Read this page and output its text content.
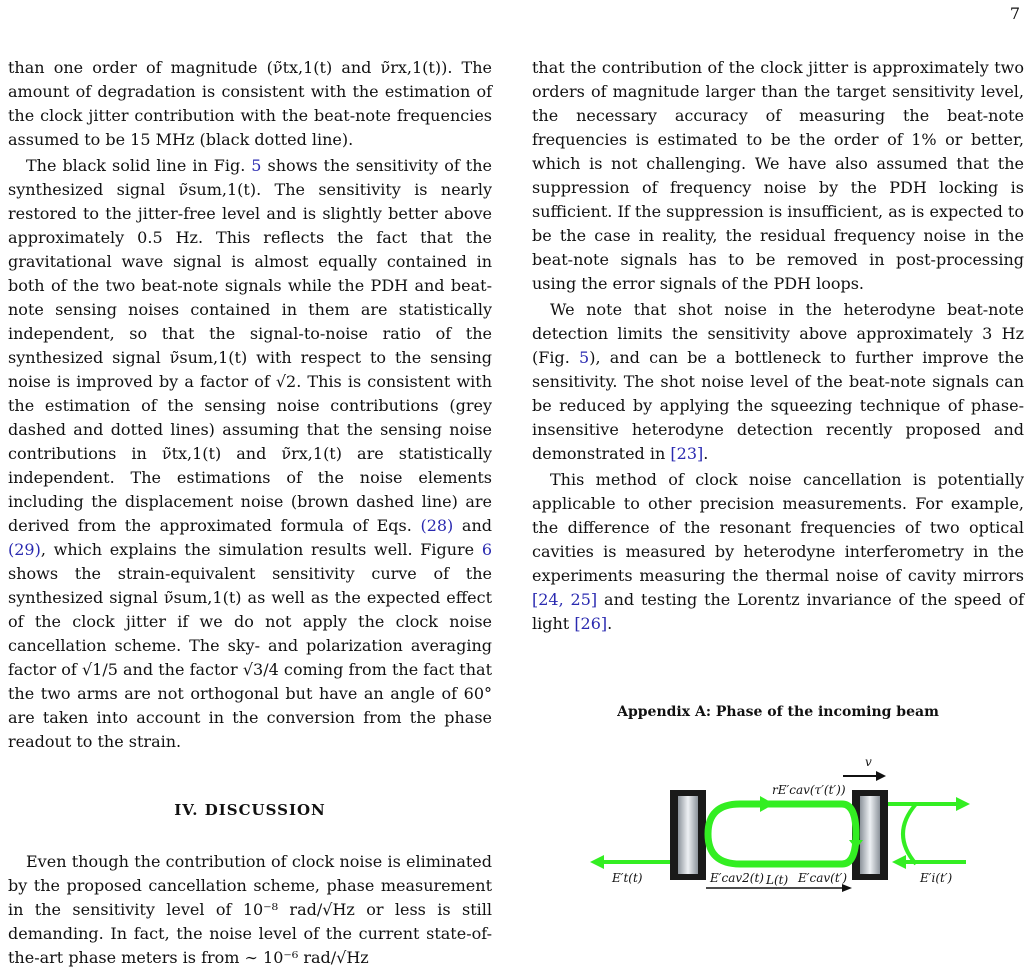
7

than one order of magnitude (ν̃tx,1(t) and ν̃rx,1(t)). The amount of degradation is consistent with the estimation of the clock jitter contribution with the beat-note frequencies assumed to be 15 MHz (black dotted line).

The black solid line in Fig. 5 shows the sensitivity of the synthesized signal ν̃sum,1(t). The sensitivity is nearly restored to the jitter-free level and is slightly better above approximately 0.5 Hz. This reflects the fact that the gravitational wave signal is almost equally contained in both of the two beat-note signals while the PDH and beat-note sensing noises contained in them are statistically independent, so that the signal-to-noise ratio of the synthesized signal ν̃sum,1(t) with respect to the sensing noise is improved by a factor of √2. This is consistent with the estimation of the sensing noise contributions (grey dashed and dotted lines) assuming that the sensing noise contributions in ν̃tx,1(t) and ν̃rx,1(t) are statistically independent. The estimations of the noise elements including the displacement noise (brown dashed line) are derived from the approximated formula of Eqs. (28) and (29), which explains the simulation results well. Figure 6 shows the strain-equivalent sensitivity curve of the synthesized signal ν̃sum,1(t) as well as the expected effect of the clock jitter if we do not apply the clock noise cancellation scheme. The sky- and polarization averaging factor of √1/5 and the factor √3/4 coming from the fact that the two arms are not orthogonal but have an angle of 60° are taken into account in the conversion from the phase readout to the strain.

IV. DISCUSSION

Even though the contribution of clock noise is eliminated by the proposed cancellation scheme, phase measurement in the sensitivity level of 10⁻⁸ rad/√Hz or less is still demanding. In fact, the noise level of the current state-of-the-art phase meters is from ∼ 10⁻⁶ rad/√Hz

that the contribution of the clock jitter is approximately two orders of magnitude larger than the target sensitivity level, the necessary accuracy of measuring the beat-note frequencies is estimated to be the order of 1% or better, which is not challenging. We have also assumed that the suppression of frequency noise by the PDH locking is sufficient. If the suppression is insufficient, as is expected to be the case in reality, the residual frequency noise in the beat-note signals has to be removed in post-processing using the error signals of the PDH loops.

We note that shot noise in the heterodyne beat-note detection limits the sensitivity above approximately 3 Hz (Fig. 5), and can be a bottleneck to further improve the sensitivity. The shot noise level of the beat-note signals can be reduced by applying the squeezing technique of phase-insensitive heterodyne detection recently proposed and demonstrated in [23].

This method of clock noise cancellation is potentially applicable to other precision measurements. For example, the difference of the resonant frequencies of two optical cavities is measured by heterodyne interferometry in the experiments measuring the thermal noise of cavity mirrors [24, 25] and testing the Lorentz invariance of the speed of light [26].

Appendix A: Phase of the incoming beam
v
rE′cav(τ′(t′))
E′t(t)	E′cav2(t) L(t) E′cav(t′)	E′i(t′)
